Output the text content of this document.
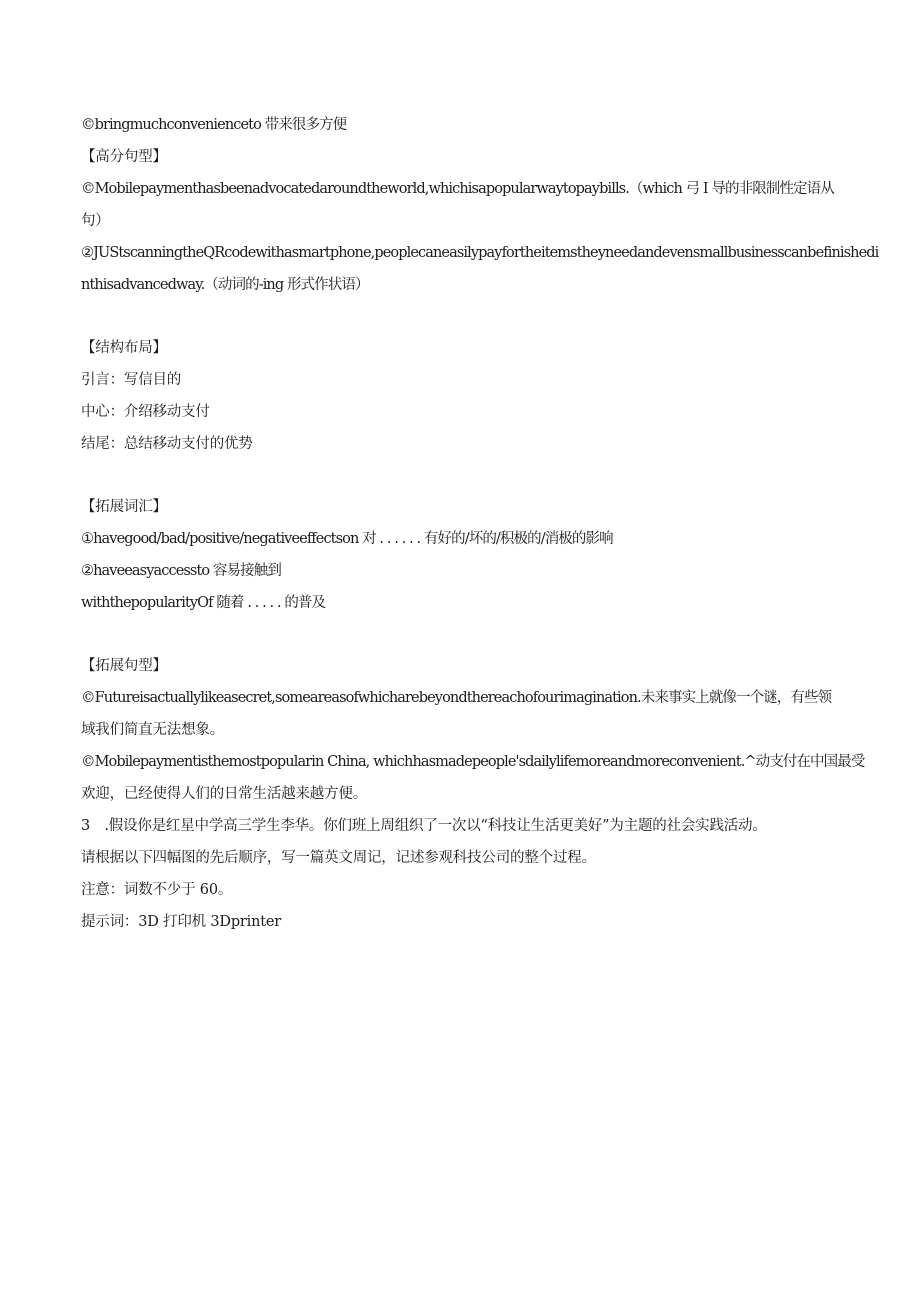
©bringmuchconvenienceto 带来很多方便
【高分句型】
©Mobilepaymenthasbeenadvocatedaroundtheworld,whichisapopularwaytopaybills.（which 弓 I 导的非限制性定语从
句）
②JUStscanningtheQRcodewithasmartphone,peoplecaneasilypayfortheitemstheyneedandevensmallbusinesscanbefinishedi
nthisadvancedway.（动词的-ing 形式作状语）
【结构布局】
引言：写信目的
中心：介绍移动支付
结尾：总结移动支付的优势
【拓展词汇】
①havegood/bad/positive/negativeeffectson 对 . . . . . . 有好的/坏的/积极的/消极的影响
②haveeasyaccessto 容易接触到
withthepopularityOf 随着 . . . . . 的普及
【拓展句型】
©Futureisactuallylikeasecret,someareasofwhicharebeyondthereachofourimagination.未来事实上就像一个谜，有些领
域我们简直无法想象。
©Mobilepaymentisthemostpopularin China, whichhasmadepeople'sdailylifemoreandmoreconvenient.^动支付在中国最受
欢迎，已经使得人们的日常生活越来越方便。
3　.假设你是红星中学高三学生李华。你们班上周组织了一次以“科技让生活更美好”为主题的社会实践活动。
请根据以下四幅图的先后顺序，写一篇英文周记，记述参观科技公司的整个过程。
注意：词数不少于 60。
提示词：3D 打印机 3Dprinter
